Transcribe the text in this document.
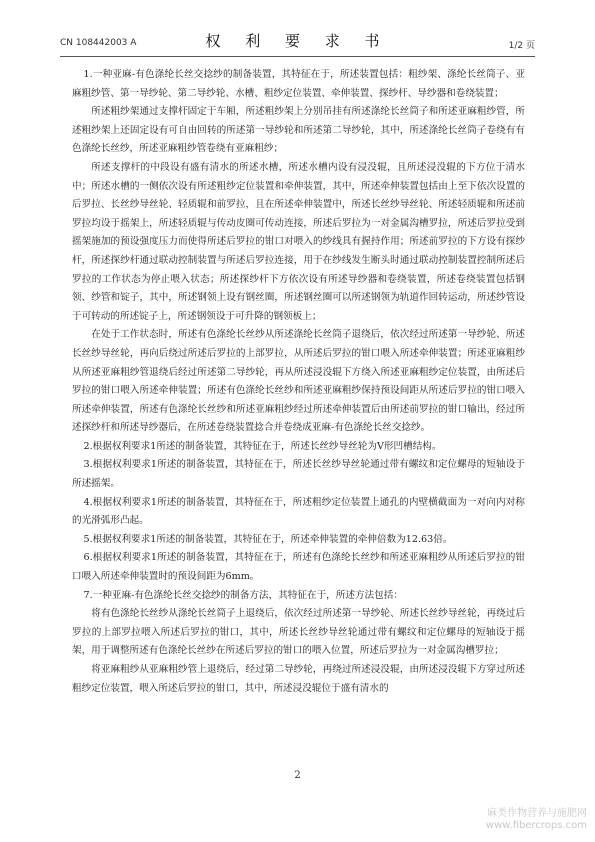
CN 108442003 A	权 利 要 求 书	1/2 页

1.一种亚麻-有色涤纶长丝交捻纱的制备装置，其特征在于，所述装置包括：粗纱架、涤纶长丝筒子、亚麻粗纱管、第一导纱轮、第二导纱轮、水槽、粗纱定位装置、牵伸装置、探纱杆、导纱器和卷绕装置；

所述粗纱架通过支撑杆固定于车厢，所述粗纱架上分别吊挂有所述涤纶长丝筒子和所述亚麻粗纱管，所述粗纱架上还固定设有可自由回转的所述第一导纱轮和所述第二导纱轮，其中，所述涤纶长丝筒子卷绕有有色涤纶长丝纱，所述亚麻粗纱管卷绕有亚麻粗纱；

所述支撑杆的中段设有盛有清水的所述水槽，所述水槽内设有浸没辊，且所述浸没辊的下方位于清水中；所述水槽的一侧依次设有所述粗纱定位装置和牵伸装置，其中，所述牵伸装置包括由上至下依次设置的后罗拉、长丝纱导丝轮、轻质辊和前罗拉，且在所述牵伸装置中，所述长丝纱导丝轮、所述轻质辊和所述前罗拉均设于摇架上，所述轻质辊与传动皮圈可传动连接，所述后罗拉为一对金属沟槽罗拉，所述后罗拉受到摇架施加的预设强度压力而使得所述后罗拉的钳口对喂入的纱线具有握持作用；所述前罗拉的下方设有探纱杆，所述探纱杆通过联动控制装置与所述后罗拉连接，用于在纱线发生断头时通过联动控制装置控制所述后罗拉的工作状态为停止喂入状态；所述探纱杆下方依次设有所述导纱器和卷绕装置，所述卷绕装置包括钢领、纱管和锭子，其中，所述钢领上设有钢丝圈，所述钢丝圈可以所述钢领为轨道作回转运动，所述纱管设于可转动的所述锭子上，所述钢领设于可升降的钢领板上；

在处于工作状态时，所述有色涤纶长丝纱从所述涤纶长丝筒子退绕后，依次经过所述第一导纱轮、所述长丝纱导丝轮，再向后绕过所述后罗拉的上部罗拉，从所述后罗拉的钳口喂入所述牵伸装置；所述亚麻粗纱从所述亚麻粗纱管退绕后经过所述第二导纱轮，再从所述浸没辊下方绕入所述亚麻粗纱定位装置，由所述后罗拉的钳口喂入所述牵伸装置；所述有色涤纶长丝纱和所述亚麻粗纱保持预设间距从所述后罗拉的钳口喂入所述牵伸装置，所述有色涤纶长丝纱和所述亚麻粗纱经过所述牵伸装置后由所述前罗拉的钳口输出，经过所述探纱杆和所述导纱器后，在所述卷绕装置捻合并卷绕成亚麻-有色涤纶长丝交捻纱。

2.根据权利要求1所述的制备装置，其特征在于，所述长丝纱导丝轮为V形凹槽结构。

3.根据权利要求1所述的制备装置，其特征在于，所述长丝纱导丝轮通过带有螺纹和定位螺母的短轴设于所述摇架。

4.根据权利要求1所述的制备装置，其特征在于，所述粗纱定位装置上通孔的内壁横截面为一对向内对称的光滑弧形凸起。

5.根据权利要求1所述的制备装置，其特征在于，所述牵伸装置的牵伸倍数为12.63倍。

6.根据权利要求1所述的制备装置，其特征在于，所述有色涤纶长丝纱和所述亚麻粗纱从所述后罗拉的钳口喂入所述牵伸装置时的预设间距为6mm。

7.一种亚麻-有色涤纶长丝交捻纱的制备方法，其特征在于，所述方法包括：

将有色涤纶长丝纱从涤纶长丝筒子上退绕后，依次经过所述第一导纱轮、所述长丝纱导丝轮，再绕过后罗拉的上部罗拉喂入所述后罗拉的钳口，其中，所述长丝纱导丝轮通过带有螺纹和定位螺母的短轴设于摇架，用于调整所述有色涤纶长丝纱在所述后罗拉的钳口的喂入位置，所述后罗拉为一对金属沟槽罗拉；

将亚麻粗纱从亚麻粗纱管上退绕后，经过第二导纱轮，再绕过所述浸没辊，由所述浸没辊下方穿过所述粗纱定位装置，喂入所述后罗拉的钳口，其中，所述浸没辊位于盛有清水的

2
麻类作物营养与施肥网
www.fibercrops.com
